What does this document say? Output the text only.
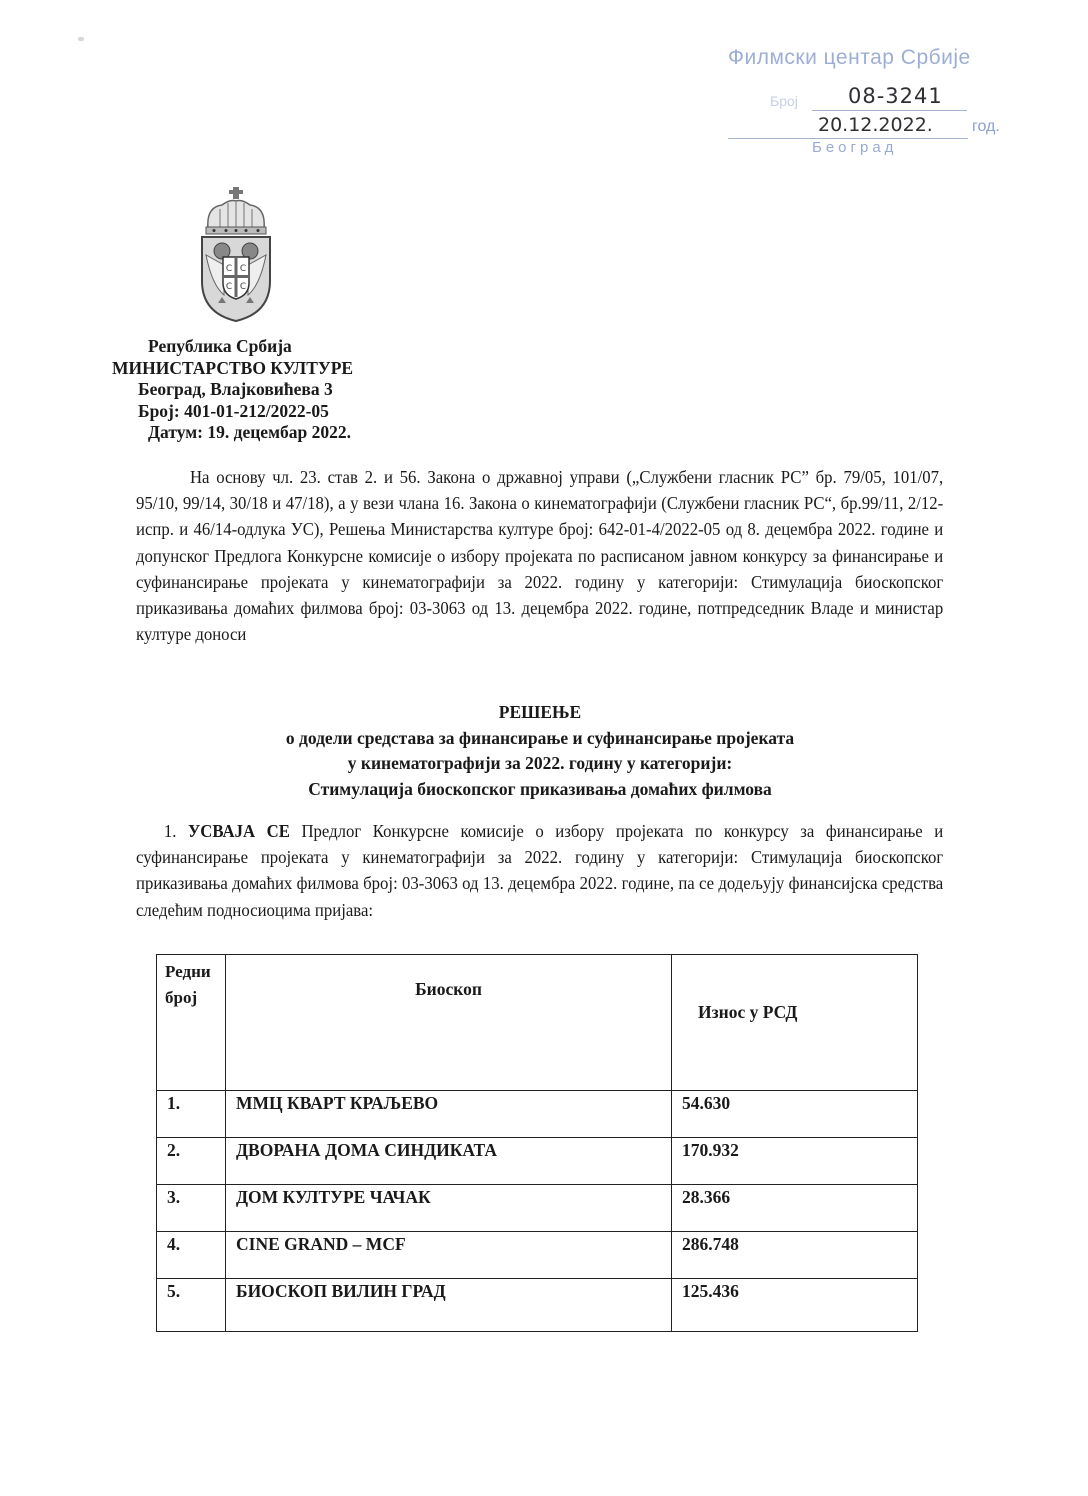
Филмски центар Србије
Број 08-3241
20.12.2022. год.
Београд
С С
С С
Република Србија
МИНИСТАРСТВО КУЛТУРЕ
Београд, Влајковићева 3
Број: 401-01-212/2022-05
Датум: 19. децембар 2022.
На основу чл. 23. став 2. и 56. Закона о државној управи („Службени гласник РС” бр. 79/05, 101/07, 95/10, 99/14, 30/18 и 47/18), а у вези члана 16. Закона о кинематографији (Службени гласник РС“, бр.99/11, 2/12-испр. и 46/14-одлука УС), Решења Министарства културе број: 642-01-4/2022-05 од 8. децембра 2022. године и допунског Предлога Конкурсне комисије о избору пројеката по расписаном јавном конкурсу за финансирање и суфинансирање пројеката у кинематографији за 2022. годину у категорији: Стимулација биоскопског приказивања домаћих филмова број: 03-3063 од 13. децембра 2022. године, потпредседник Владе и министар културе доноси
РЕШЕЊЕ
о додели средстава за финансирање и суфинансирање пројеката
у кинематографији за 2022. годину у категорији:
Стимулација биоскопског приказивања домаћих филмова
1. УСВАЈА СЕ Предлог Конкурсне комисије о избору пројеката по конкурсу за финансирање и суфинансирање пројеката у кинематографији за 2022. годину у категорији: Стимулација биоскопског приказивања домаћих филмова број: 03-3063 од 13. децембра 2022. године, па се додељују финансијска средства следећим подносиоцима пријава:
Редни
број	Биоскоп	Износ у РСД
1.	ММЦ КВАРТ КРАЉЕВО	54.630
2.	ДВОРАНА ДОМА СИНДИКАТА	170.932
3.	ДОМ КУЛТУРЕ ЧАЧАК	28.366
4.	CINE GRAND – MCF	286.748
5.	БИОСКОП ВИЛИН ГРАД	125.436
